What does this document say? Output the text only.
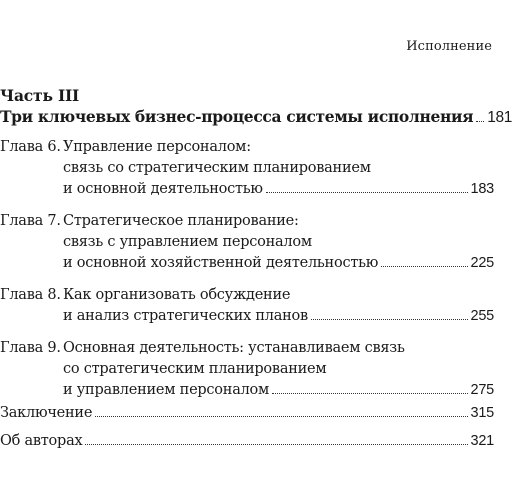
Исполнение
Часть III
Три ключевых бизнес-процесса системы исполнения 181
Глава 6. Управление персоналом:
связь со стратегическим планированием
и основной деятельностью	183
Глава 7. Стратегическое планирование:
связь с управлением персоналом
и основной хозяйственной деятельностью	225
Глава 8. Как организовать обсуждение
и анализ стратегических планов	255
Глава 9. Основная деятельность: устанавливаем связь
со стратегическим планированием
и управлением персоналом	275
Заключение	315
Об авторах	321
